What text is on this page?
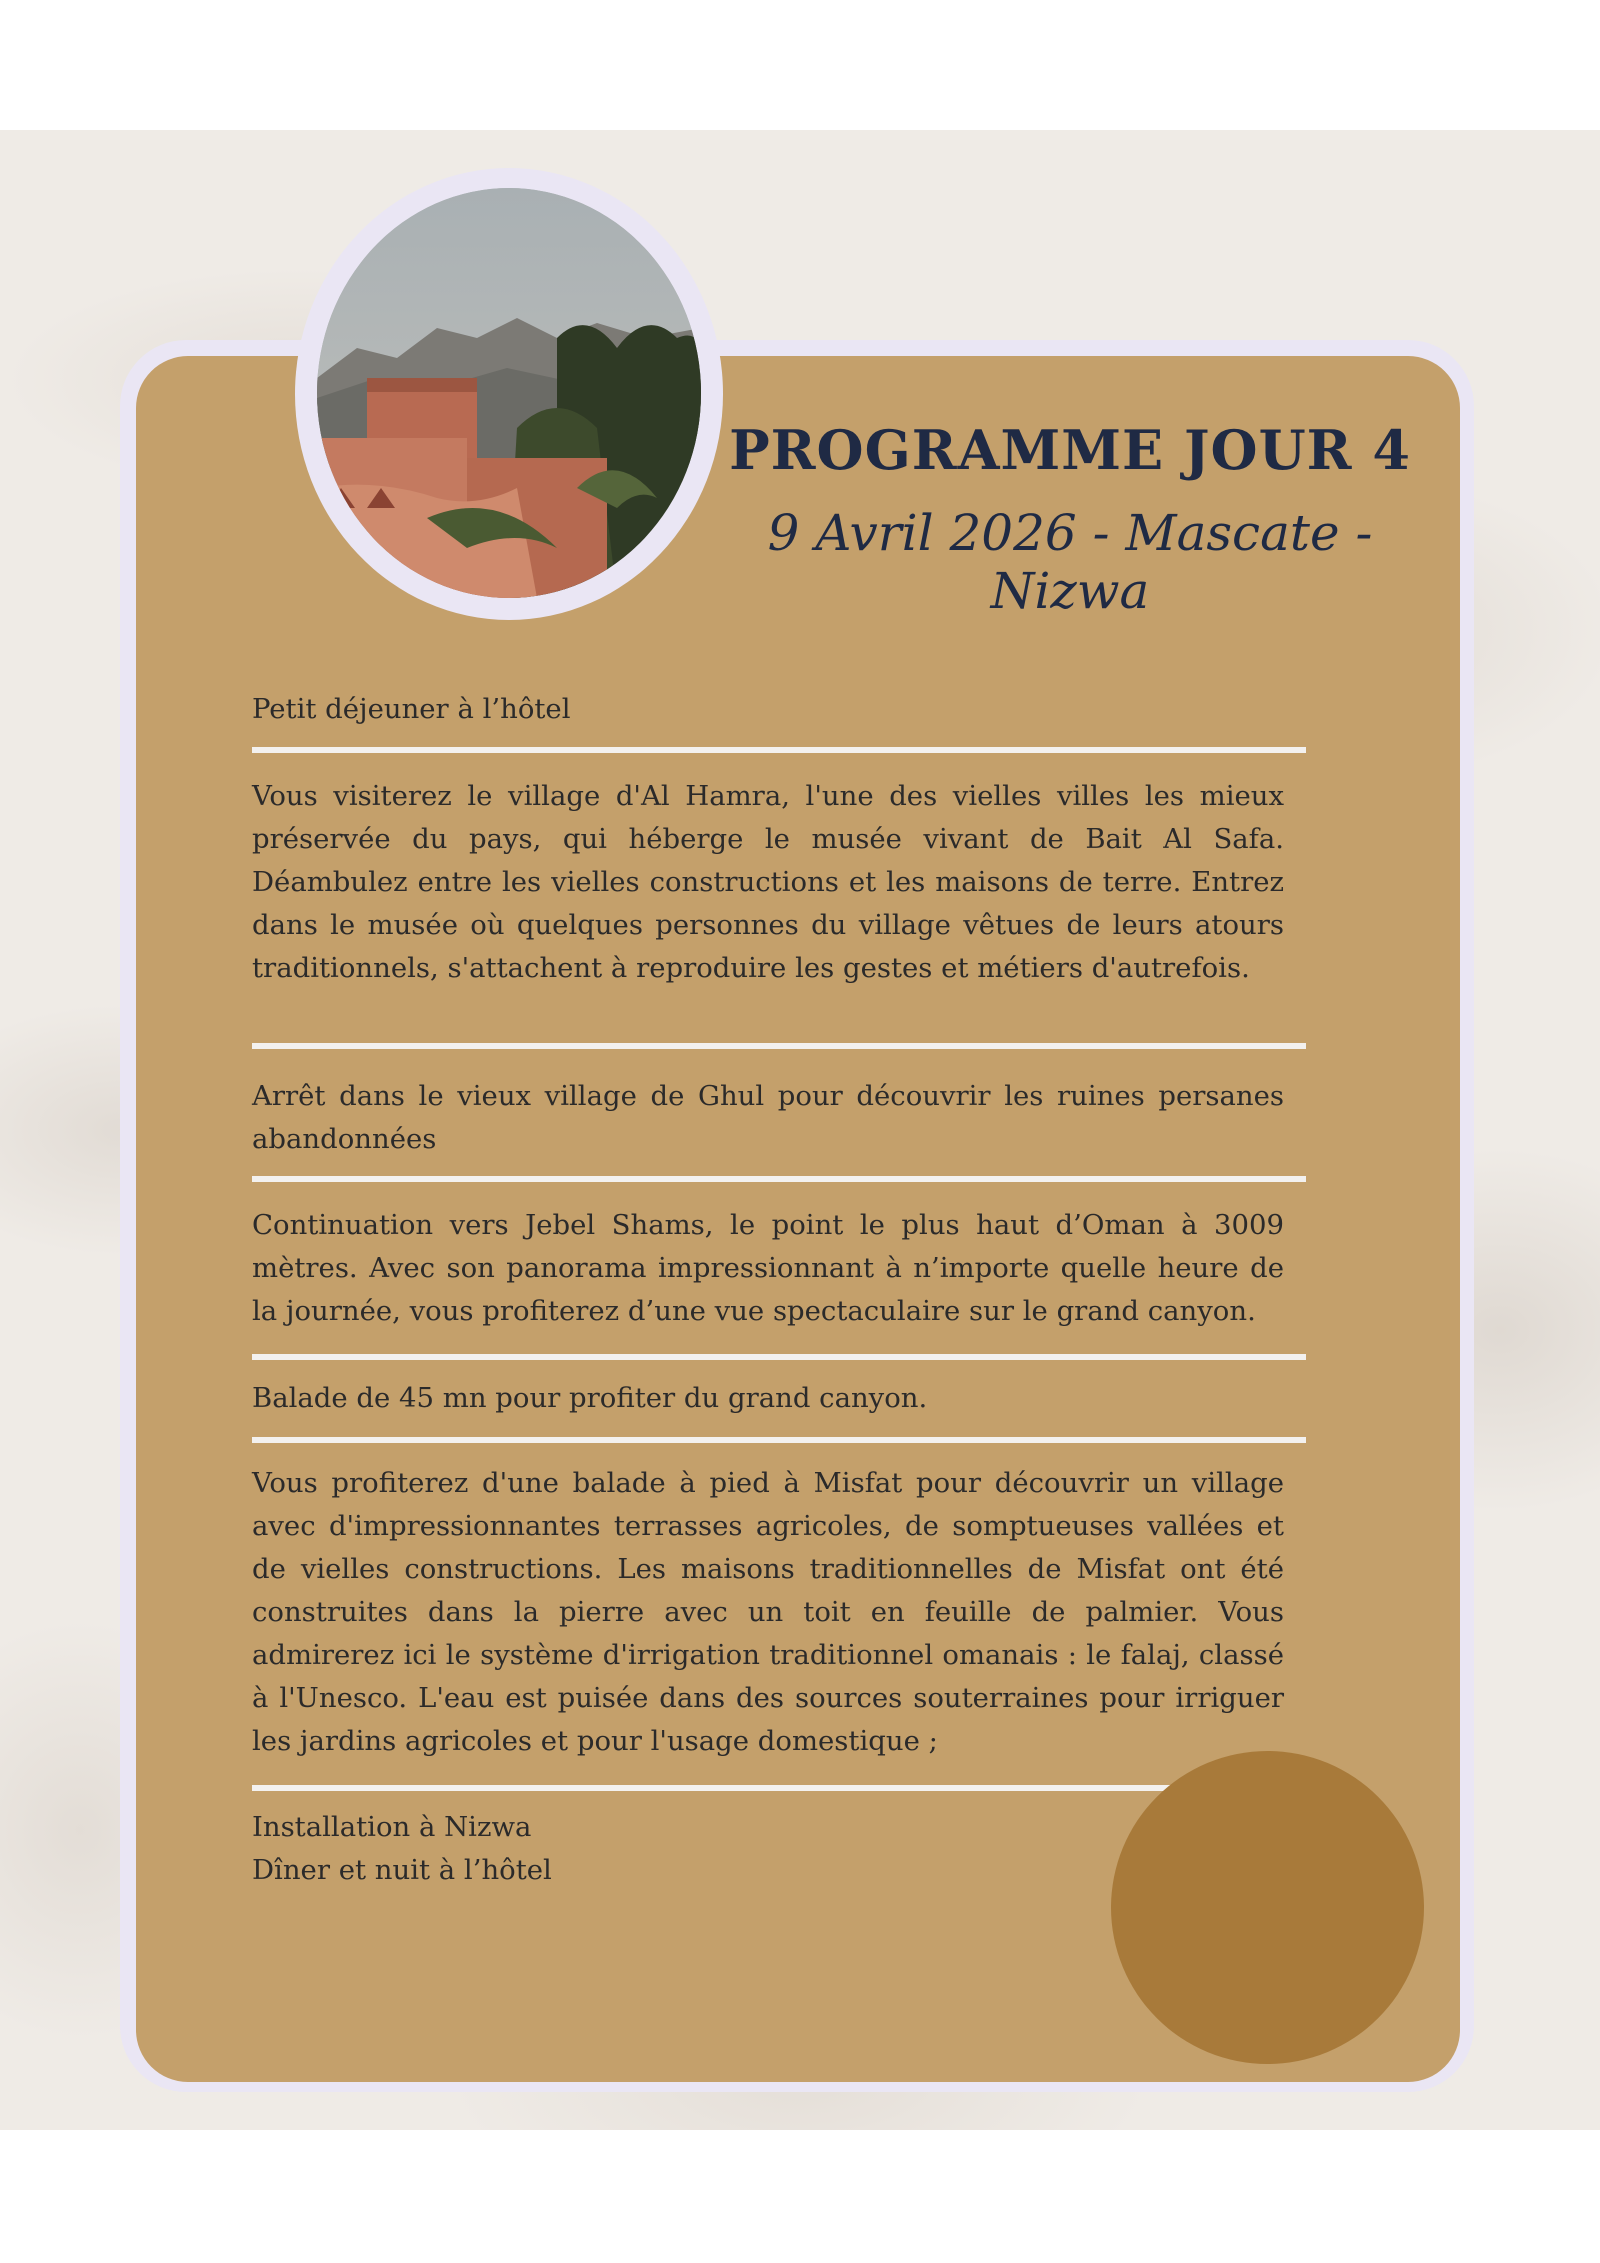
PROGRAMME JOUR 4
9 Avril 2026 - Mascate - Nizwa
Petit déjeuner à l’hôtel
Vous visiterez le village d'Al Hamra, l'une des vielles villes les mieux préservée du pays, qui héberge le musée vivant de Bait Al Safa. Déambulez entre les vielles constructions et les maisons de terre. Entrez dans le musée où quelques personnes du village vêtues de leurs atours traditionnels, s'attachent à reproduire les gestes et métiers d'autrefois.
Arrêt dans le vieux village de Ghul pour découvrir les ruines persanes abandonnées
Continuation vers Jebel Shams, le point le plus haut d’Oman à 3009 mètres. Avec son panorama impressionnant à n’importe quelle heure de la journée, vous profiterez d’une vue spectaculaire sur le grand canyon.
Balade de 45 mn pour profiter du grand canyon.
Vous profiterez d'une balade à pied à Misfat pour découvrir un village avec d'impressionnantes terrasses agricoles, de somptueuses vallées et de vielles constructions. Les maisons traditionnelles de Misfat ont été construites dans la pierre avec un toit en feuille de palmier. Vous admirerez ici le système d'irrigation traditionnel omanais : le falaj, classé à l'Unesco. L'eau est puisée dans des sources souterraines pour irriguer les jardins agricoles et pour l'usage domestique ;
Installation à Nizwa
Dîner et nuit à l’hôtel
